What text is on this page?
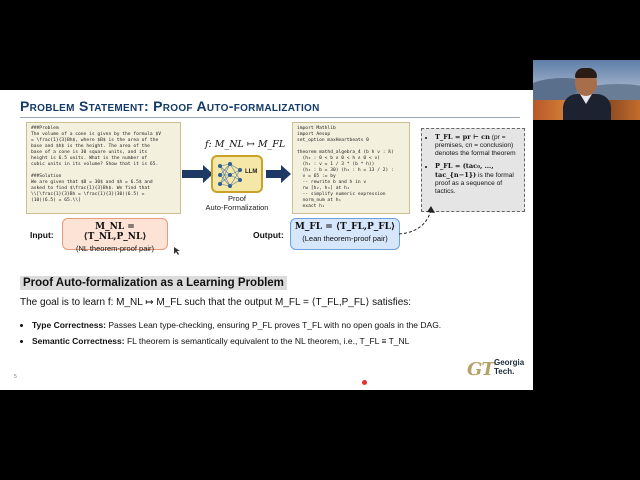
Problem Statement: Proof Auto-formalization
###Problem
The volume of a cone is given by the formula $V
= \frac{1}{3}Bh$, where $B$ is the area of the
base and $h$ is the height. The area of the
base of a cone is 30 square units, and its
height is 6.5 units. What is the number of
cubic units in its volume? Show that it is 65.

###Solution
We are given that $B = 30$ and $h = 6.5$ and
asked to find $\frac{1}{3}Bh$. We find that
\\[\frac{1}{3}Bh = \frac{1}{3}(30)(6.5) =
(10)(6.5) = 65.\\]
f: M_NL ↦ M_FL
LLM
Proof
Auto-Formalization
import Mathlib
import Aesop
set_option maxHeartbeats 0

theorem mathd_algebra_4 (b h v : ℝ)
(h₀ : 0 < b ∧ 0 < h ∧ 0 < v)
(h₁ : v = 1 / 3 * (b * h))
(h₂ : b = 30) (h₃ : h = 13 / 2) :
v = 65 := by
-- rewrite b and h in v
rw [h₂, h₃] at h₁
-- simplify numeric expression
norm_num at h₁
exact h₁
• T_FL = pr ⊢ cn (pr = premises, cn = conclusion) denotes the formal theorem
• P_FL = (tac₀, …, tac_{n−1}) is the formal proof as a sequence of tactics.
Input:
M_NL = ⟨T_NL,P_NL⟩
(NL theorem-proof pair)
Output:
M_FL = ⟨T_FL,P_FL⟩
(Lean theorem-proof pair)
Proof Auto-formalization as a Learning Problem
The goal is to learn f: M_NL ↦ M_FL such that the output M_FL = ⟨T_FL,P_FL⟩ satisfies:
• Type Correctness: Passes Lean type-checking, ensuring P_FL proves T_FL with no open goals in the DAG.
• Semantic Correctness: FL theorem is semantically equivalent to the NL theorem, i.e., T_FL ≡ T_NL
5	GT Georgia
Tech.
